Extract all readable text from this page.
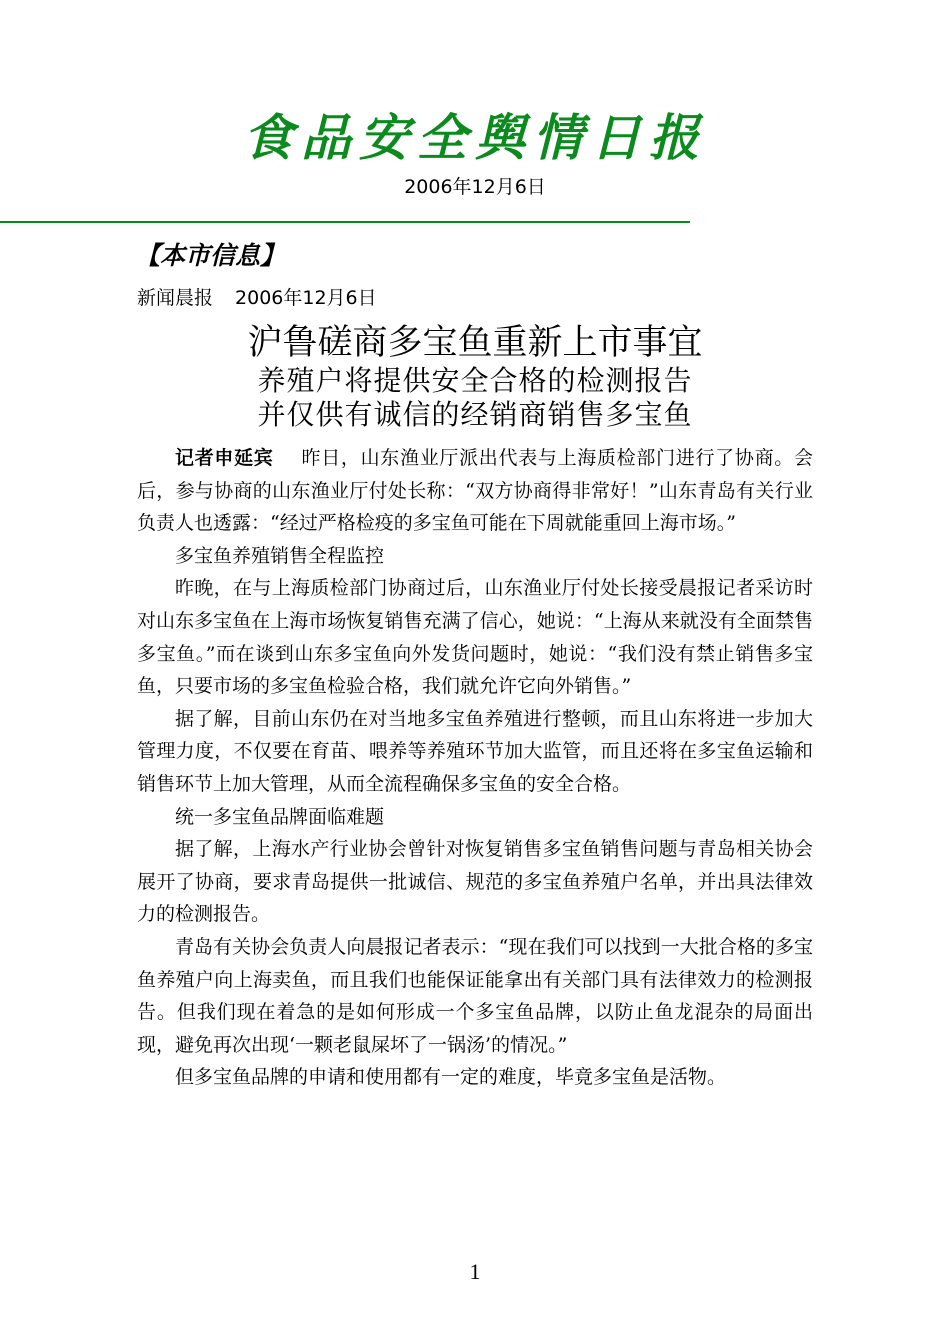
食品安全舆情日报
2006年12月6日
【本市信息】
新闻晨报 2006年12月6日
沪鲁磋商多宝鱼重新上市事宜
养殖户将提供安全合格的检测报告
并仅供有诚信的经销商销售多宝鱼

记者申延宾 昨日，山东渔业厅派出代表与上海质检部门进行了协商。会后，参与协商的山东渔业厅付处长称：“双方协商得非常好！”山东青岛有关行业负责人也透露：“经过严格检疫的多宝鱼可能在下周就能重回上海市场。”

多宝鱼养殖销售全程监控

昨晚，在与上海质检部门协商过后，山东渔业厅付处长接受晨报记者采访时对山东多宝鱼在上海市场恢复销售充满了信心，她说：“上海从来就没有全面禁售多宝鱼。”而在谈到山东多宝鱼向外发货问题时，她说：“我们没有禁止销售多宝鱼，只要市场的多宝鱼检验合格，我们就允许它向外销售。”

据了解，目前山东仍在对当地多宝鱼养殖进行整顿，而且山东将进一步加大管理力度，不仅要在育苗、喂养等养殖环节加大监管，而且还将在多宝鱼运输和销售环节上加大管理，从而全流程确保多宝鱼的安全合格。

统一多宝鱼品牌面临难题

据了解，上海水产行业协会曾针对恢复销售多宝鱼销售问题与青岛相关协会展开了协商，要求青岛提供一批诚信、规范的多宝鱼养殖户名单，并出具法律效力的检测报告。

青岛有关协会负责人向晨报记者表示：“现在我们可以找到一大批合格的多宝鱼养殖户向上海卖鱼，而且我们也能保证能拿出有关部门具有法律效力的检测报告。但我们现在着急的是如何形成一个多宝鱼品牌，以防止鱼龙混杂的局面出现，避免再次出现‘一颗老鼠屎坏了一锅汤’的情况。”

但多宝鱼品牌的申请和使用都有一定的难度，毕竟多宝鱼是活物。

1
